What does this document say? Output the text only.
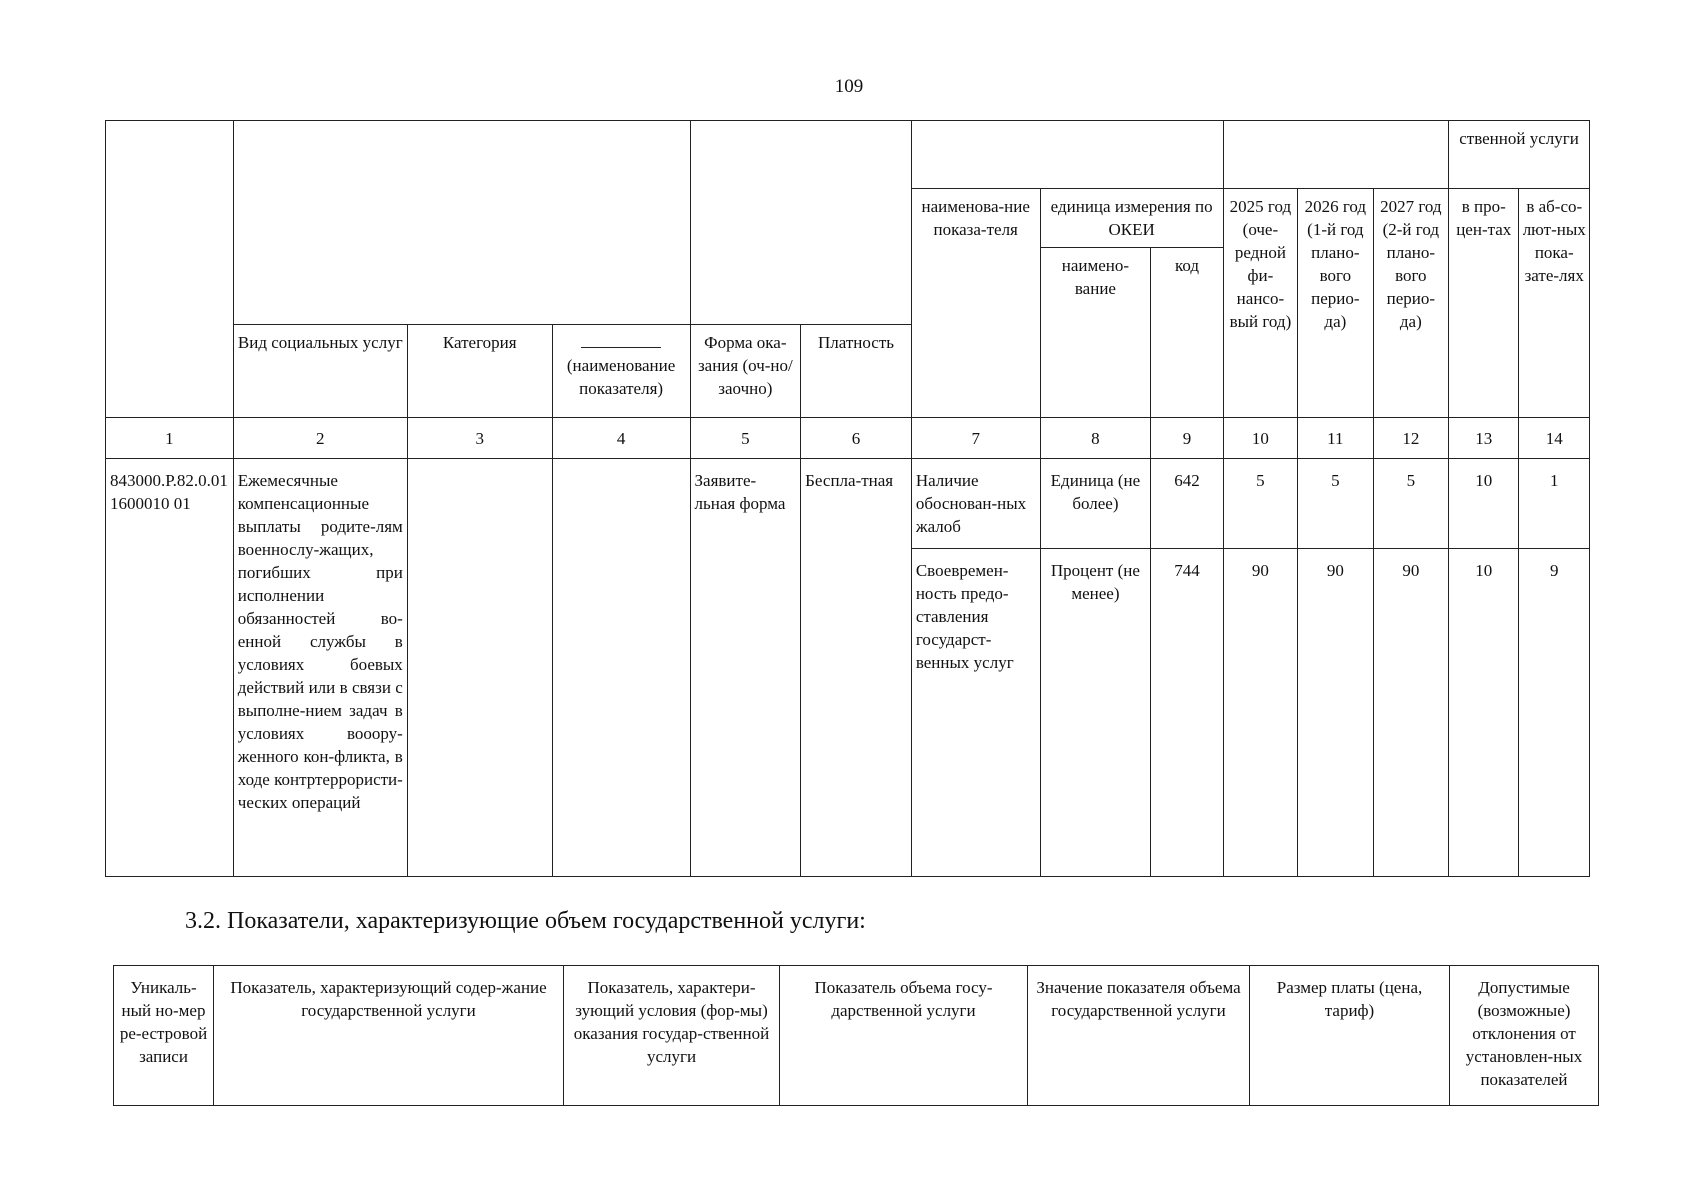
109
												ственной услуги	
						наименова-ние показа-теля	единица измерения по ОКЕИ		2025 год (оче-редной фи-нансо-вый год)	2026 год (1-й год плано-вого перио-да)	2027 год (2-й год плано-вого перио-да)	в про-цен-тах	в аб-со-лют-ных пока-зате-лях
							наимено-вание	код					
	Вид социальных услуг	Категория	(наименование показателя)	Форма ока-зания (оч-но/заочно)	Платность								
1	2	3	4	5	6	7	8	9	10	11	12	13	14
843000.Р.82.0.011600010 01	Ежемесячные компенсационные выплаты родите-лям военнослу-жащих, погибших при исполнении обязанностей во-енной службы в условиях боевых действий или в связи с выполне-нием задач в условиях вооору-женного кон-фликта, в ходе контртеррористи-ческих операций			Заявите-льная форма	Бесплa-тная	Наличие обоснован-ных жалоб	Единица (не более)	642	5	5	5	10	1
						Своевремен-ность предо-ставления государст-венных услуг	Процент (не менее)	744	90	90	90	10	9
3.2. Показатели, характеризующие объем государственной услуги:
Уникаль-ный но-мер ре-естровой записи	Показатель, характеризующий содер-жание государственной услуги	Показатель, характери-зующий условия (фор-мы) оказания государ-ственной услуги	Показатель объема госу-дарственной услуги	Значение показателя объема государственной услуги	Размер платы (цена, тариф)	Допустимые (возможные) отклонения от установлен-ных показателей
